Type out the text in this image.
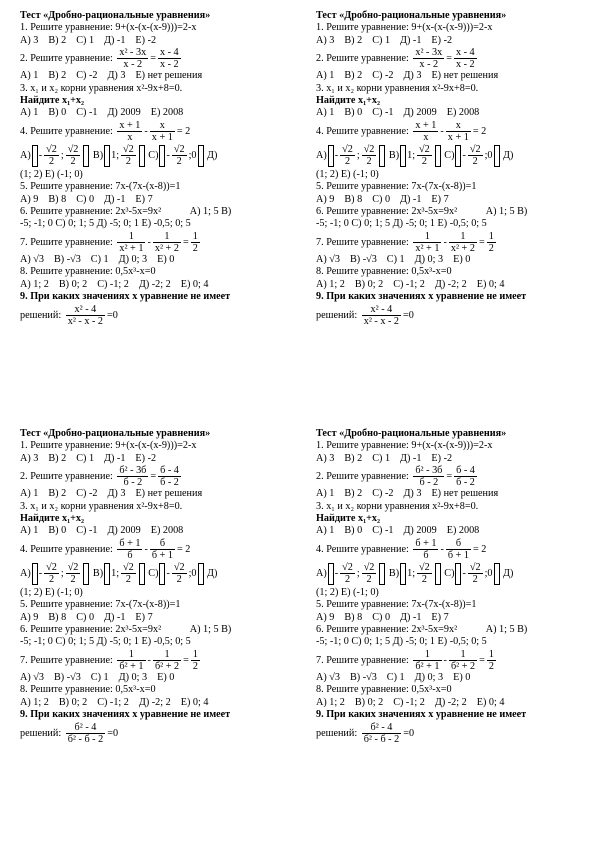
Тест «Дробно-рациональные уравнения»
1. Решите уравнение: 9+(х-(х-(х-9)))=2-х
А) 3 В) 2 С) 1 Д) -1 Е) -2
2. Решите уравнение: $\frac{\text{x² - 3x}}{x - 2} = \frac{x - 4}{x - 2}$
А) 1 В) 2 С) -2 Д) 3 Е) нет решения
3. x₁ и x₂ корни уравнения x²-9x+8=0.
Найдите x₁+x₂
А) 1 В) 0 С) -1 Д) 2009 Е) 2008
4. Решите уравнение: $\frac{x + 1}{x} - \frac{x}{x + 1} = 2$
$А) - \frac{√2}{2}$ ; $\frac{√2}{2}$
В) 1; $\frac{√2}{2}$
$С) - \frac{√2}{2}$ ;0
Д)
(1; 2) Е) (-1; 0)
5. Решите уравнение: 7х-(7х-(х-8))=1
А) 9 В) 8 С) 0 Д) -1 Е) 7
6. Решите уравнение: 2x³-5x=9x²	А) 1; 5 В)
-5; -1; 0 С) 0; 1; 5 Д) -5; 0; 1 Е) -0,5; 0; 5
7. Решите уравнение: $\frac{1}{\text{x² + 1}} - \frac{1}{\text{x² + 2}} = \frac{1}{2}$
А) √3 В) -√3 С) 1 Д) 0; 3 Е) 0
8. Решите уравнение: 0,5x³-x=0
А) 1; 2 В) 0; 2 С) -1; 2 Д) -2; 2 Е) 0; 4
9. При каких значениях х уравнение не имеет
решений: $\frac{\text{x² - 4}}{\text{x² - x - 2}} =0$
Тест «Дробно-рациональные уравнения»
1. Решите уравнение: 9+(х-(х-(х-9)))=2-х
А) 3 В) 2 С) 1 Д) -1 Е) -2
2. Решите уравнение: $\frac{\text{x² - 3x}}{x - 2} = \frac{x - 4}{x - 2}$
А) 1 В) 2 С) -2 Д) 3 Е) нет решения
3. x₁ и x₂ корни уравнения x²-9x+8=0.
Найдите x₁+x₂
А) 1 В) 0 С) -1 Д) 2009 Е) 2008
4. Решите уравнение: $\frac{x + 1}{x} - \frac{x}{x + 1} = 2$
$А) - \frac{√2}{2}$ ; $\frac{√2}{2}$
В) 1; $\frac{√2}{2}$
$С) - \frac{√2}{2}$ ;0
Д)
(1; 2) Е) (-1; 0)
5. Решите уравнение: 7х-(7х-(х-8))=1
А) 9 В) 8 С) 0 Д) -1 Е) 7
6. Решите уравнение: 2x³-5x=9x²	А) 1; 5 В)
-5; -1; 0 С) 0; 1; 5 Д) -5; 0; 1 Е) -0,5; 0; 5
7. Решите уравнение: $\frac{1}{\text{x² + 1}} - \frac{1}{\text{x² + 2}} = \frac{1}{2}$
А) √3 В) -√3 С) 1 Д) 0; 3 Е) 0
8. Решите уравнение: 0,5x³-x=0
А) 1; 2 В) 0; 2 С) -1; 2 Д) -2; 2 Е) 0; 4
9. При каких значениях х уравнение не имеет
решений: $\frac{\text{x² - 4}}{\text{x² - x - 2}} =0$
Тест «Дробно-рациональные уравнения»
1. Решите уравнение: 9+(х-(х-(х-9)))=2-х
А) 3 В) 2 С) 1 Д) -1 Е) -2
2. Решите уравнение: $\frac{\text{б² - 3б}}{б - 2} = \frac{б - 4}{б - 2}$
А) 1 В) 2 С) -2 Д) 3 Е) нет решения
3. x₁ и x₂ корни уравнения x²-9x+8=0.
Найдите x₁+x₂
А) 1 В) 0 С) -1 Д) 2009 Е) 2008
4. Решите уравнение: $\frac{б + 1}{б} - \frac{б}{б + 1} = 2$
$А) - \frac{√2}{2}$ ; $\frac{√2}{2}$
В) 1; $\frac{√2}{2}$
$С) - \frac{√2}{2}$ ;0
Д)
(1; 2) Е) (-1; 0)
5. Решите уравнение: 7х-(7х-(х-8))=1
А) 9 В) 8 С) 0 Д) -1 Е) 7
6. Решите уравнение: 2x³-5x=9x²	А) 1; 5 В)
-5; -1; 0 С) 0; 1; 5 Д) -5; 0; 1 Е) -0,5; 0; 5
7. Решите уравнение: $\frac{1}{\text{б² + 1}} - \frac{1}{\text{б² + 2}} = \frac{1}{2}$
А) √3 В) -√3 С) 1 Д) 0; 3 Е) 0
8. Решите уравнение: 0,5x³-x=0
А) 1; 2 В) 0; 2 С) -1; 2 Д) -2; 2 Е) 0; 4
9. При каких значениях х уравнение не имеет
решений: $\frac{\text{б² - 4}}{\text{б² - б - 2}} =0$
Тест «Дробно-рациональные уравнения»
1. Решите уравнение: 9+(х-(х-(х-9)))=2-х
А) 3 В) 2 С) 1 Д) -1 Е) -2
2. Решите уравнение: $\frac{\text{б² - 3б}}{б - 2} = \frac{б - 4}{б - 2}$
А) 1 В) 2 С) -2 Д) 3 Е) нет решения
3. x₁ и x₂ корни уравнения x²-9x+8=0.
Найдите x₁+x₂
А) 1 В) 0 С) -1 Д) 2009 Е) 2008
4. Решите уравнение: $\frac{б + 1}{б} - \frac{б}{б + 1} = 2$
$А) - \frac{√2}{2}$ ; $\frac{√2}{2}$
В) 1; $\frac{√2}{2}$
$С) - \frac{√2}{2}$ ;0
Д)
(1; 2) Е) (-1; 0)
5. Решите уравнение: 7х-(7х-(х-8))=1
А) 9 В) 8 С) 0 Д) -1 Е) 7
6. Решите уравнение: 2x³-5x=9x²	А) 1; 5 В)
-5; -1; 0 С) 0; 1; 5 Д) -5; 0; 1 Е) -0,5; 0; 5
7. Решите уравнение: $\frac{1}{\text{б² + 1}} - \frac{1}{\text{б² + 2}} = \frac{1}{2}$
А) √3 В) -√3 С) 1 Д) 0; 3 Е) 0
8. Решите уравнение: 0,5x³-x=0
А) 1; 2 В) 0; 2 С) -1; 2 Д) -2; 2 Е) 0; 4
9. При каких значениях х уравнение не имеет
решений: $\frac{\text{б² - 4}}{\text{б² - б - 2}} =0$
